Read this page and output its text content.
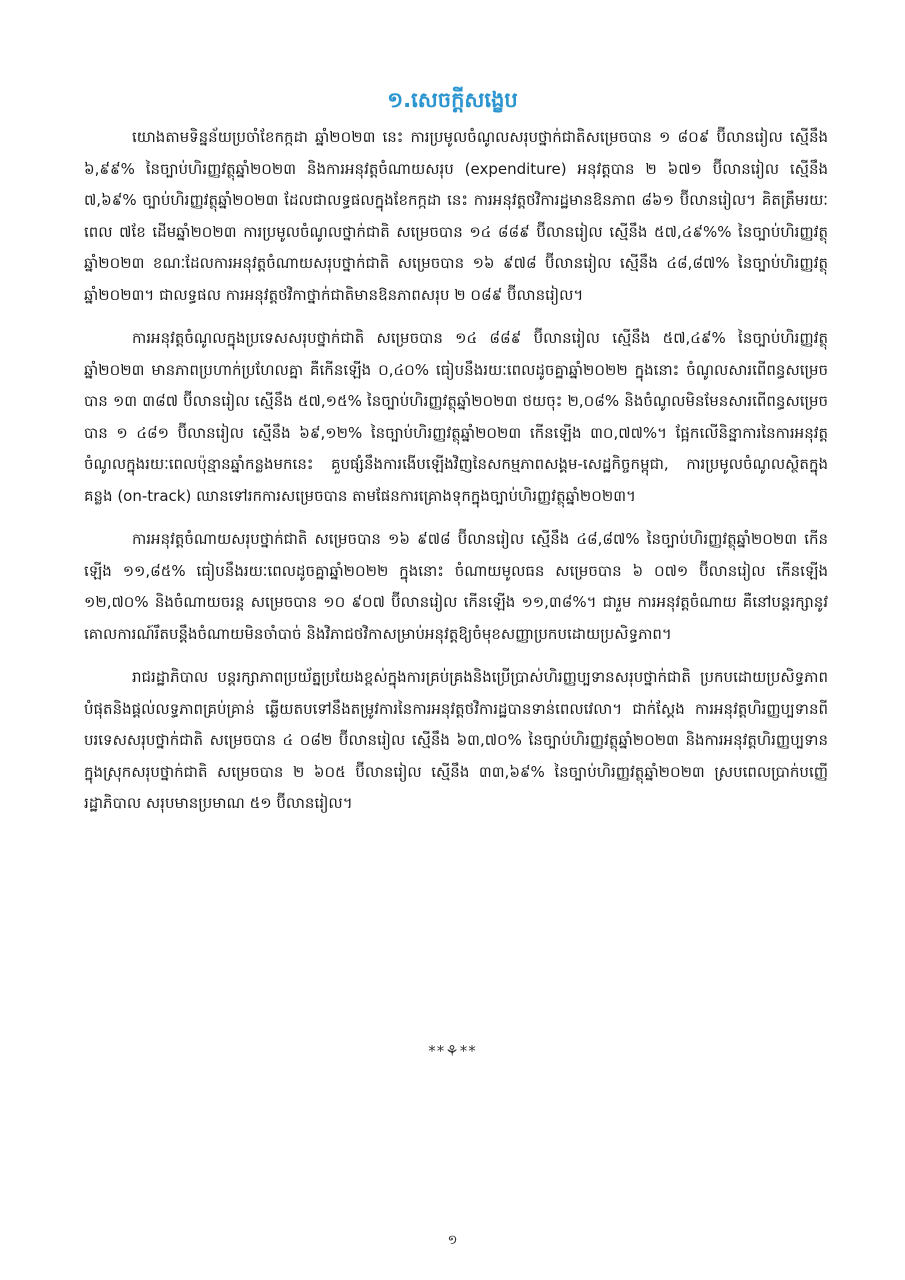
១.សេចក្តីសង្ខេប

យោងតាមទិន្នន័យប្រចាំខែកក្កដា ឆ្នាំ២០២៣ នេះ ការប្រមូលចំណូលសរុបថ្នាក់ជាតិសម្រេចបាន ១ ៨០៩ ប៊ីលានរៀល ស្មើនឹង ៦,៩៩% នៃច្បាប់ហិរញ្ញវត្ថុឆ្នាំ២០២៣ និងការអនុវត្តចំណាយសរុប (expenditure) អនុវត្តបាន ២ ៦៧១ ប៊ីលានរៀល ស្មើនឹង ៧,៦៩% ច្បាប់ហិរញ្ញវត្ថុឆ្នាំ២០២៣ ដែលជាលទ្ធផលក្នុងខែកក្កដា នេះ ការអនុវត្តថវិការដ្ឋមានឱនភាព ៨៦១ ប៊ីលានរៀល។ គិតត្រឹមរយៈពេល ៧ខែ ដើមឆ្នាំ២០២៣ ការប្រមូលចំណូលថ្នាក់ជាតិ សម្រេចបាន ១៤ ៨៨៩ ប៊ីលានរៀល ស្មើនឹង ៥៧,៤៩%% នៃច្បាប់ហិរញ្ញវត្ថុឆ្នាំ២០២៣ ខណៈដែលការអនុវត្តចំណាយសរុបថ្នាក់ជាតិ សម្រេចបាន ១៦ ៩៧៨ ប៊ីលានរៀល ស្មើនឹង ៤៨,៨៧% នៃច្បាប់ហិរញ្ញវត្ថុឆ្នាំ២០២៣។ ជាលទ្ធផល ការអនុវត្តថវិកាថ្នាក់ជាតិមានឱនភាពសរុប ២ ០៨៩ ប៊ីលានរៀល។

ការអនុវត្តចំណូលក្នុងប្រទេសសរុបថ្នាក់ជាតិ សម្រេចបាន ១៤ ៨៨៩ ប៊ីលានរៀល ស្មើនឹង ៥៧,៤៩% នៃច្បាប់ហិរញ្ញវត្ថុឆ្នាំ២០២៣ មានភាពប្រហាក់ប្រហែលគ្នា គឺកើនឡើង ០,៤០% ធៀបនឹងរយៈពេលដូចគ្នាឆ្នាំ២០២២ ក្នុងនោះ ចំណូលសារពើពន្ធសម្រេចបាន ១៣ ៣៨៧ ប៊ីលានរៀល ស្មើនឹង ៥៧,១៥% នៃច្បាប់ហិរញ្ញវត្ថុឆ្នាំ២០២៣ ថយចុះ ២,០៨% និងចំណូលមិនមែនសារពើពន្ធសម្រេចបាន ១ ៤៨១ ប៊ីលានរៀល ស្មើនឹង ៦៩,១២% នៃច្បាប់ហិរញ្ញវត្ថុឆ្នាំ២០២៣ កើនឡើង ៣០,៧៧%។ ផ្អែកលើនិន្នាការនៃការអនុវត្តចំណូលក្នុងរយៈពេលប៉ុន្មានឆ្នាំកន្លងមកនេះ គួបផ្សំនឹងការងើបឡើងវិញនៃសកម្មភាពសង្គម-សេដ្ឋកិច្ចកម្ពុជា, ការប្រមូលចំណូលស្ថិតក្នុងគន្លង (on-track) ឈានទៅរកការសម្រេចបាន តាមផែនការគ្រោងទុកក្នុងច្បាប់ហិរញ្ញវត្ថុឆ្នាំ២០២៣។

ការអនុវត្តចំណាយសរុបថ្នាក់ជាតិ សម្រេចបាន ១៦ ៩៧៨ ប៊ីលានរៀល ស្មើនឹង ៤៨,៨៧% នៃច្បាប់ហិរញ្ញវត្ថុឆ្នាំ២០២៣ កើនឡើង ១១,៨៥% ធៀបនឹងរយៈពេលដូចគ្នាឆ្នាំ២០២២ ក្នុងនោះ ចំណាយមូលធន សម្រេចបាន ៦ ០៧១ ប៊ីលានរៀល កើនឡើង ១២,៧០% និងចំណាយចរន្ត សម្រេចបាន ១០ ៩០៧ ប៊ីលានរៀល កើនឡើង ១១,៣៨%។ ជារួម ការអនុវត្តចំណាយ គឺនៅបន្តរក្សានូវគោលការណ៍រឹតបន្តឹងចំណាយមិនចាំបាច់ និងវិភាជថវិកាសម្រាប់អនុវត្តឱ្យចំមុខសញ្ញាប្រកបដោយប្រសិទ្ធភាព។

រាជរដ្ឋាភិបាល បន្តរក្សាភាពប្រយ័ត្នប្រយែងខ្ពស់ក្នុងការគ្រប់គ្រងនិងប្រើប្រាស់ហិរញ្ញប្បទានសរុបថ្នាក់ជាតិ ប្រកបដោយប្រសិទ្ធភាពបំផុតនិងផ្តល់លទ្ធភាពគ្រប់គ្រាន់ ឆ្លើយតបទៅនឹងតម្រូវការនៃការអនុវត្តថវិការដ្ឋបានទាន់ពេលវេលា។ ជាក់ស្តែង ការអនុវត្តហិរញ្ញប្បទានពីបរទេសសរុបថ្នាក់ជាតិ សម្រេចបាន ៤ ០៨២ ប៊ីលានរៀល ស្មើនឹង ៦៣,៧០% នៃច្បាប់ហិរញ្ញវត្ថុឆ្នាំ២០២៣ និងការអនុវត្តហិរញ្ញប្បទានក្នុងស្រុកសរុបថ្នាក់ជាតិ សម្រេចបាន ២ ៦០៥ ប៊ីលានរៀល ស្មើនឹង ៣៣,៦៩% នៃច្បាប់ហិរញ្ញវត្ថុឆ្នាំ២០២៣ ស្របពេលប្រាក់បញ្ញើរដ្ឋាភិបាល សរុបមានប្រមាណ ៥១ ប៊ីលានរៀល។

**⚘**
១
